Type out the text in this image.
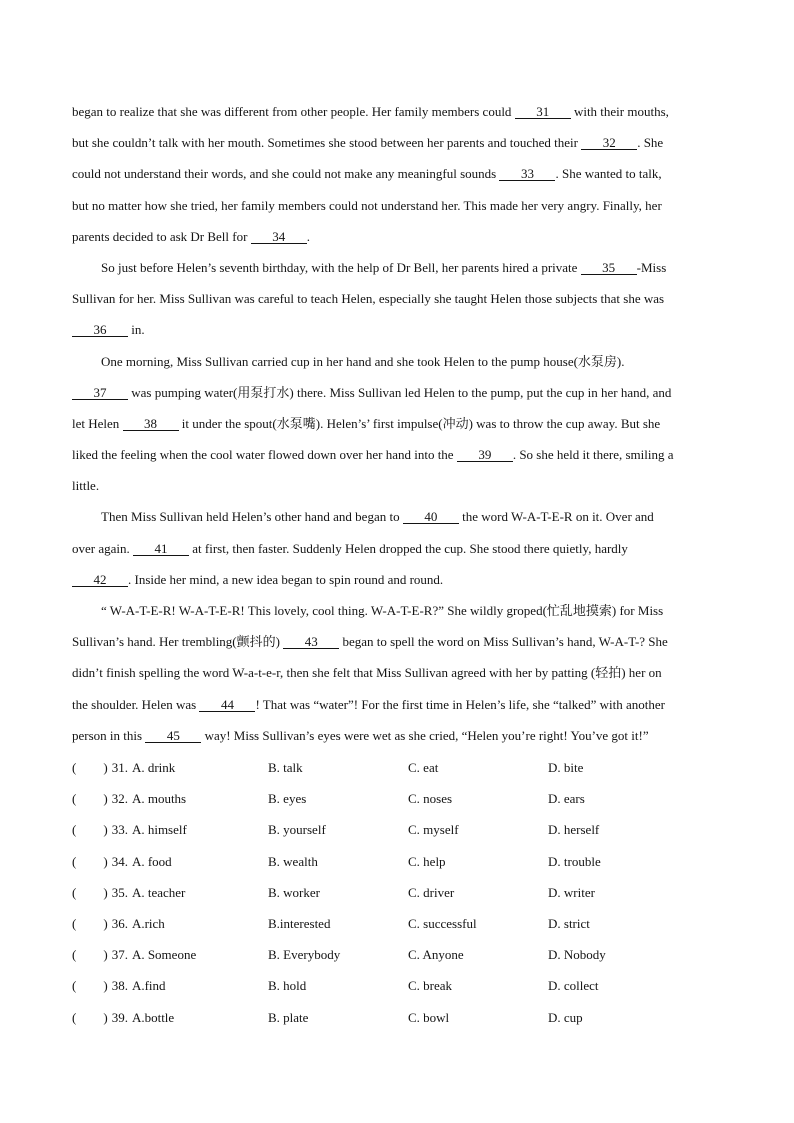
began to realize that she was different from other people. Her family members could 31 with their mouths,
but she couldn’t talk with her mouth. Sometimes she stood between her parents and touched their 32 . She
could not understand their words, and she could not make any meaningful sounds 33 . She wanted to talk,
but no matter how she tried, her family members could not understand her. This made her very angry. Finally, her
parents decided to ask Dr Bell for 34 .
So just before Helen’s seventh birthday, with the help of Dr Bell, her parents hired a private 35 -Miss
Sullivan for her. Miss Sullivan was careful to teach Helen, especially she taught Helen those subjects that she was
36 in.
One morning, Miss Sullivan carried cup in her hand and she took Helen to the pump house(水泵房).
37 was pumping water(用泵打水) there. Miss Sullivan led Helen to the pump, put the cup in her hand, and
let Helen 38 it under the spout(水泵嘴). Helen’s’ first impulse(冲动) was to throw the cup away. But she
liked the feeling when the cool water flowed down over her hand into the 39 . So she held it there, smiling a
little.
Then Miss Sullivan held Helen’s other hand and began to 40 the word W-A-T-E-R on it. Over and
over again. 41 at first, then faster. Suddenly Helen dropped the cup. She stood there quietly, hardly
42 . Inside her mind, a new idea began to spin round and round.
“ W-A-T-E-R! W-A-T-E-R! This lovely, cool thing. W-A-T-E-R?” She wildly groped(忙乱地摸索) for Miss
Sullivan’s hand. Her trembling(颤抖的) 43 began to spell the word on Miss Sullivan’s hand, W-A-T-? She
didn’t finish spelling the word W-a-t-e-r, then she felt that Miss Sullivan agreed with her by patting (轻拍) her on
the shoulder. Helen was 44 ! That was “water”! For the first time in Helen’s life, she “talked” with another
person in this 45 way! Miss Sullivan’s eyes were wet as she cried, “Helen you’re right! You’ve got it!”
( ) 31. A. drink	B. talk	C. eat	D. bite
( ) 32. A. mouths	B. eyes	C. noses	D. ears
( ) 33. A. himself	B. yourself	C. myself	D. herself
( ) 34. A. food	B. wealth	C. help	D. trouble
( ) 35. A. teacher	B. worker	C. driver	D. writer
( ) 36. A.rich	B.interested	C. successful	D. strict
( ) 37. A. Someone	B. Everybody	C. Anyone	D. Nobody
( ) 38. A.find	B. hold	C. break	D. collect
( ) 39. A.bottle	B. plate	C. bowl	D. cup
